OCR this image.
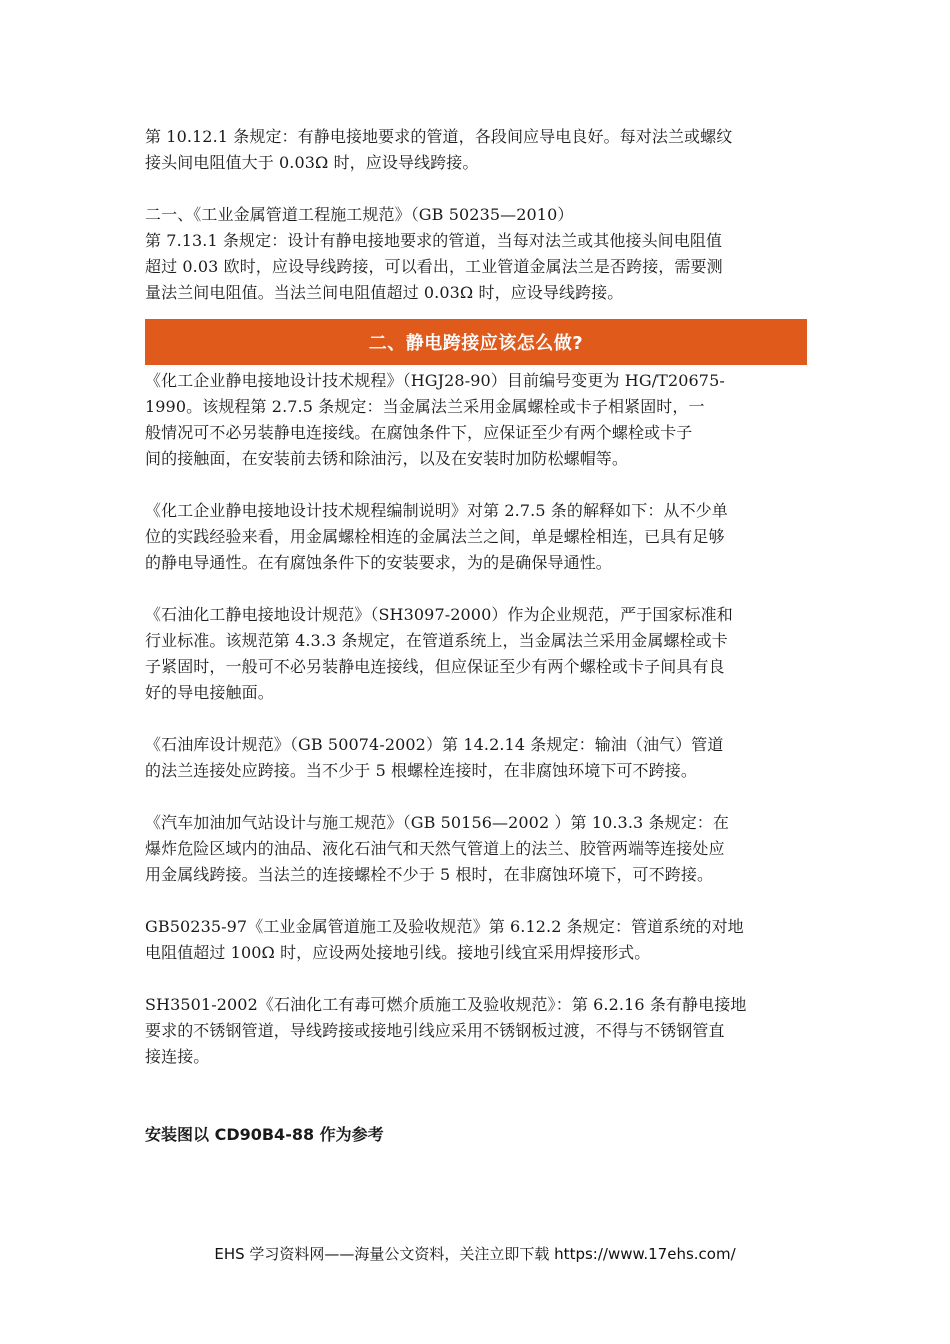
第 10.12.1 条规定：有静电接地要求的管道，各段间应导电良好。每对法兰或螺纹
接头间电阻值大于 0.03Ω 时，应设导线跨接。

二一、《工业金属管道工程施工规范》（GB 50235—2010）
第 7.13.1 条规定：设计有静电接地要求的管道，当每对法兰或其他接头间电阻值
超过 0.03 欧时，应设导线跨接，可以看出，工业管道金属法兰是否跨接，需要测
量法兰间电阻值。当法兰间电阻值超过 0.03Ω 时，应设导线跨接。

二、静电跨接应该怎么做?

《化工企业静电接地设计技术规程》（HGJ28-90）目前编号变更为 HG/T20675-
1990。该规程第 2.7.5 条规定：当金属法兰采用金属螺栓或卡子相紧固时，一
般情况可不必另装静电连接线。在腐蚀条件下，应保证至少有两个螺栓或卡子
间的接触面，在安装前去锈和除油污，以及在安装时加防松螺帽等。

《化工企业静电接地设计技术规程编制说明》对第 2.7.5 条的解释如下：从不少单
位的实践经验来看，用金属螺栓相连的金属法兰之间，单是螺栓相连，已具有足够
的静电导通性。在有腐蚀条件下的安装要求，为的是确保导通性。

《石油化工静电接地设计规范》（SH3097-2000）作为企业规范，严于国家标准和
行业标准。该规范第 4.3.3 条规定，在管道系统上，当金属法兰采用金属螺栓或卡
子紧固时，一般可不必另装静电连接线，但应保证至少有两个螺栓或卡子间具有良
好的导电接触面。

《石油库设计规范》（GB 50074-2002）第 14.2.14 条规定：输油（油气）管道
的法兰连接处应跨接。当不少于 5 根螺栓连接时，在非腐蚀环境下可不跨接。

《汽车加油加气站设计与施工规范》（GB 50156—2002 ）第 10.3.3 条规定：在
爆炸危险区域内的油品、液化石油气和天然气管道上的法兰、胶管两端等连接处应
用金属线跨接。当法兰的连接螺栓不少于 5 根时，在非腐蚀环境下，可不跨接。

GB50235-97《工业金属管道施工及验收规范》第 6.12.2 条规定：管道系统的对地
电阻值超过 100Ω 时，应设两处接地引线。接地引线宜采用焊接形式。

SH3501-2002《石油化工有毒可燃介质施工及验收规范》：第 6.2.16 条有静电接地
要求的不锈钢管道，导线跨接或接地引线应采用不锈钢板过渡，不得与不锈钢管直
接连接。

安装图以 CD90B4-88 作为参考
EHS 学习资料网——海量公文资料，关注立即下载 https://www.17ehs.com/
